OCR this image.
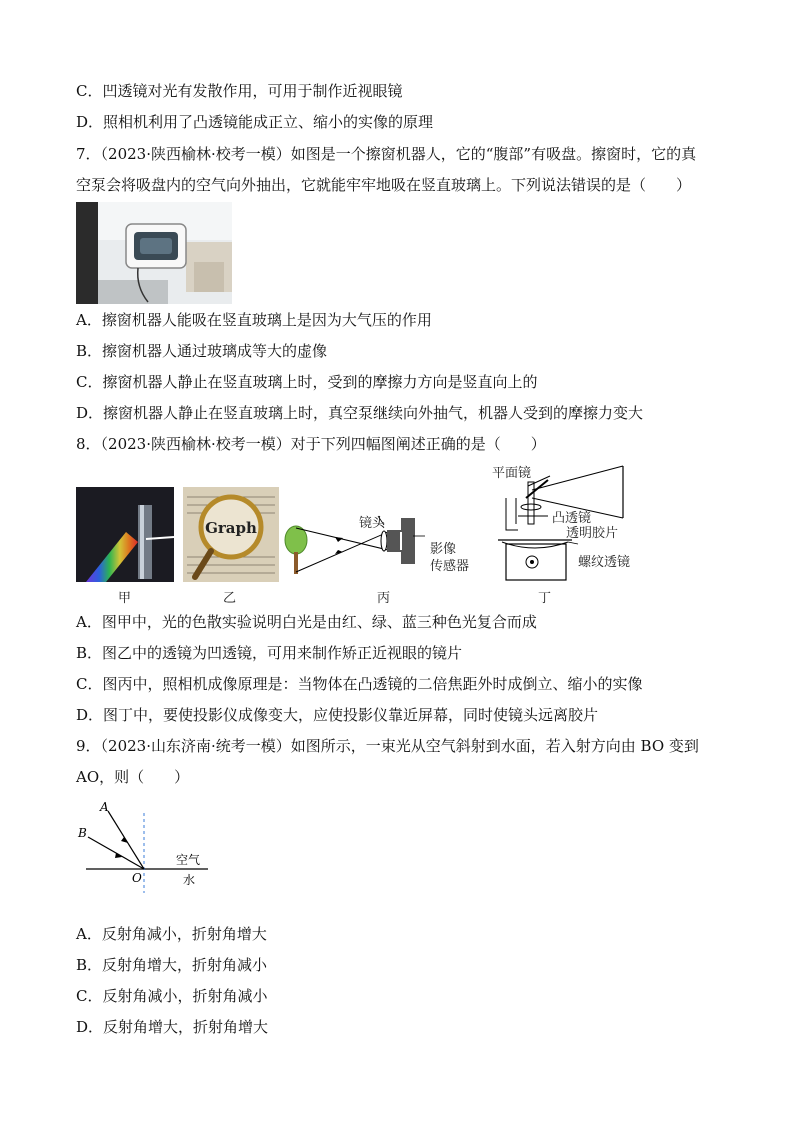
C．凹透镜对光有发散作用，可用于制作近视眼镜
D．照相机利用了凸透镜能成正立、缩小的实像的原理
7．（2023·陕西榆林·校考一模）如图是一个擦窗机器人，它的“腹部”有吸盘。擦窗时，它的真
空泵会将吸盘内的空气向外抽出，它就能牢牢地吸在竖直玻璃上。下列说法错误的是（　　）
A．擦窗机器人能吸在竖直玻璃上是因为大气压的作用
B．擦窗机器人通过玻璃成等大的虚像
C．擦窗机器人静止在竖直玻璃上时，受到的摩擦力方向是竖直向上的
D．擦窗机器人静止在竖直玻璃上时，真空泵继续向外抽气，机器人受到的摩擦力变大
8．（2023·陕西榆林·校考一模）对于下列四幅图阐述正确的是（　　）
甲
Graph
乙
镜头
影像
传感器
丙
平面镜
凸透镜
透明胶片
螺纹透镜
丁
A．图甲中，光的色散实验说明白光是由红、绿、蓝三种色光复合而成
B．图乙中的透镜为凹透镜，可用来制作矫正近视眼的镜片
C．图丙中，照相机成像原理是：当物体在凸透镜的二倍焦距外时成倒立、缩小的实像
D．图丁中，要使投影仪成像变大，应使投影仪靠近屏幕，同时使镜头远离胶片
9．（2023·山东济南·统考一模）如图所示，一束光从空气斜射到水面，若入射方向由 BO 变到
AO，则（　　）
A
B
O
空气
水
A．反射角减小，折射角增大
B．反射角增大，折射角减小
C．反射角减小，折射角减小
D．反射角增大，折射角增大
